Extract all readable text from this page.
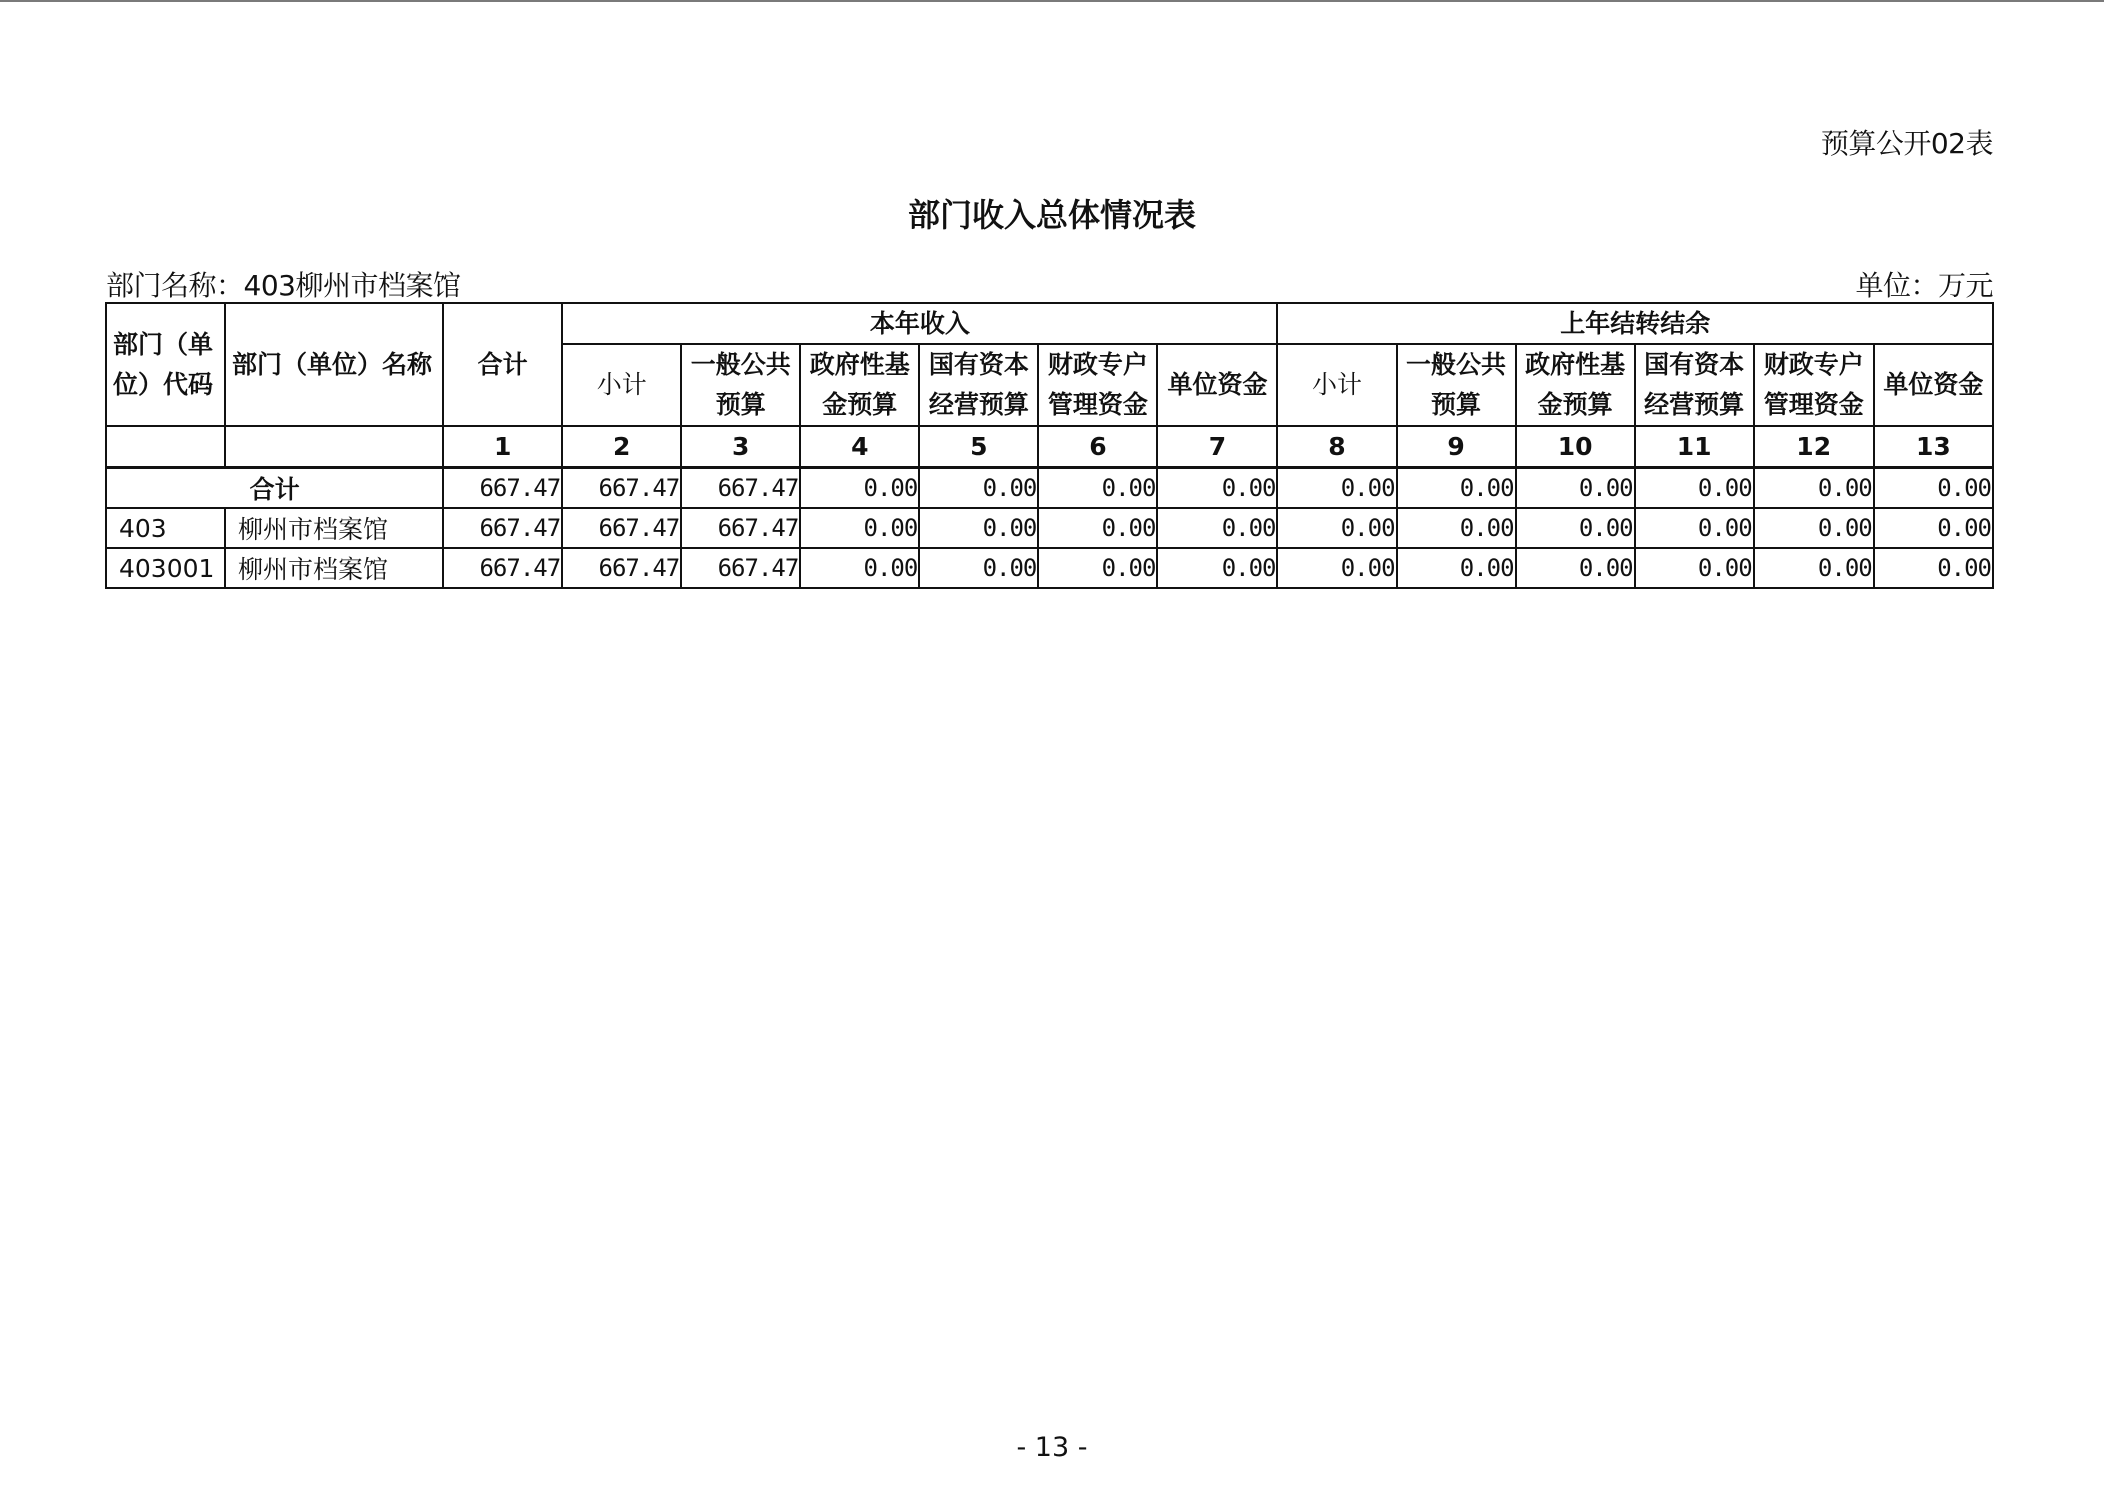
预算公开02表
部门收入总体情况表
部门名称：403柳州市档案馆	单位：万元
部门（单位）代码	部门（单位）名称	合计	本年收入						上年结转结余					
			小计	一般公共预算	政府性基金预算	国有资本经营预算	财政专户管理资金	单位资金	小计	一般公共预算	政府性基金预算	国有资本经营预算	财政专户管理资金	单位资金
		1	2	3	4	5	6	7	8	9	10	11	12	13
合计		667.47	667.47	667.47	0.00	0.00	0.00	0.00	0.00	0.00	0.00	0.00	0.00	0.00
403	柳州市档案馆	667.47	667.47	667.47	0.00	0.00	0.00	0.00	0.00	0.00	0.00	0.00	0.00	0.00
403001	柳州市档案馆	667.47	667.47	667.47	0.00	0.00	0.00	0.00	0.00	0.00	0.00	0.00	0.00	0.00
- 13 -
